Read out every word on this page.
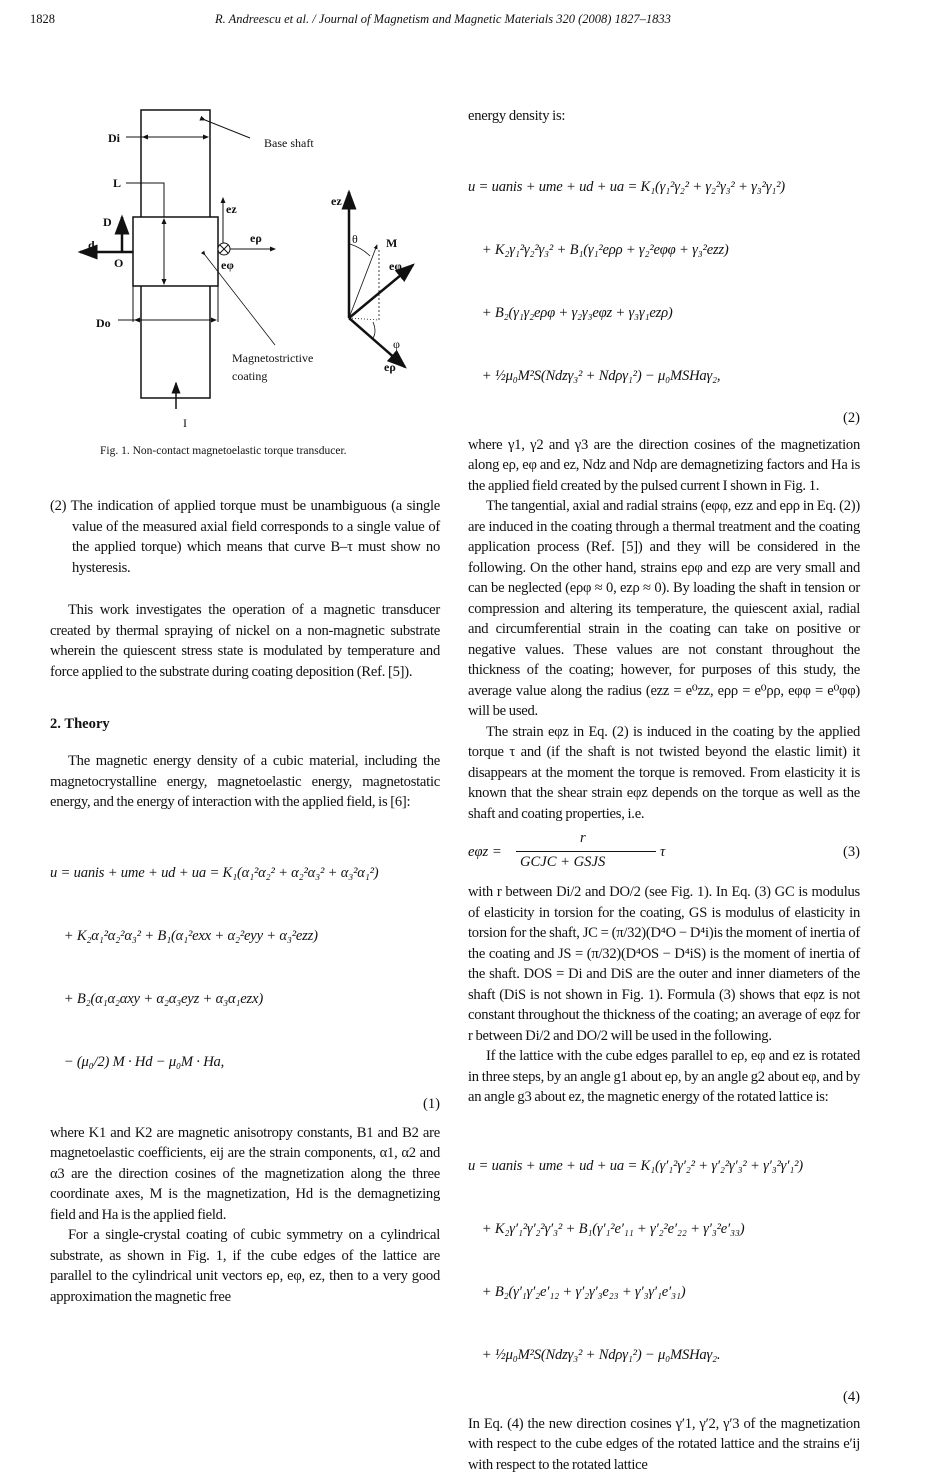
1828	R. Andreescu et al. / Journal of Magnetism and Magnetic Materials 320 (2008) 1827–1833
Di
L
D
d
O
Do
Base shaft
Magnetostrictive
coating
I
ez
eρ
eφ
ez
θ M
eφ
φ
eρ
Fig. 1. Non-contact magnetoelastic torque transducer.
(2) The indication of applied torque must be unambiguous (a single value of the measured axial field corresponds to a single value of the applied torque) which means that curve B–τ must show no hysteresis.
This work investigates the operation of a magnetic transducer created by thermal spraying of nickel on a non-magnetic substrate wherein the quiescent stress state is modulated by temperature and force applied to the substrate during coating deposition (Ref. [5]).
2. Theory
The magnetic energy density of a cubic material, including the magnetocrystalline energy, magnetoelastic energy, magnetostatic energy, and the energy of interaction with the applied field, is [6]:

u = uanis + ume + ud + ua = K₁(α₁²α₂² + α₂²α₃² + α₃²α₁²)

+ K₂α₁²α₂²α₃² + B₁(α₁²exx + α₂²eyy + α₃²ezz)

+ B₂(α₁α₂αxy + α₂α₃eyz + α₃α₁ezx)

− (μ₀/2) M · Hd − μ₀M · Ha,

(1)
where K1 and K2 are magnetic anisotropy constants, B1 and B2 are magnetoelastic coefficients, eij are the strain components, α1, α2 and α3 are the direction cosines of the magnetization along the three coordinate axes, M is the magnetization, Hd is the demagnetizing field and Ha is the applied field.
For a single-crystal coating of cubic symmetry on a cylindrical substrate, as shown in Fig. 1, if the cube edges of the lattice are parallel to the cylindrical unit vectors eρ, eφ, ez, then to a very good approximation the magnetic free
energy density is:

u = uanis + ume + ud + ua = K₁(γ₁²γ₂² + γ₂²γ₃² + γ₃²γ₁²)

+ K₂γ₁²γ₂²γ₃² + B₁(γ₁²eρρ + γ₂²eφφ + γ₃²ezz)

+ B₂(γ₁γ₂eρφ + γ₂γ₃eφz + γ₃γ₁ezρ)

+ ½μ₀M²S(Ndzγ₃² + Ndργ₁²) − μ₀MSHaγ₂,

(2)
where γ1, γ2 and γ3 are the direction cosines of the magnetization along eρ, eφ and ez, Ndz and Ndρ are demagnetizing factors and Ha is the applied field created by the pulsed current I shown in Fig. 1.
The tangential, axial and radial strains (eφφ, ezz and eρρ in Eq. (2)) are induced in the coating through a thermal treatment and the coating application process (Ref. [5]) and they will be considered in the following. On the other hand, strains eρφ and ezρ are very small and can be neglected (eρφ ≈ 0, ezρ ≈ 0). By loading the shaft in tension or compression and altering its temperature, the quiescent axial, radial and circumferential strain in the coating can take on positive or negative values. These values are not constant throughout the thickness of the coating; however, for purposes of this study, the average value along the radius (ezz = e⁰zz, eρρ = e⁰ρρ, eφφ = e⁰φφ) will be used.
The strain eφz in Eq. (2) is induced in the coating by the applied torque τ and (if the shaft is not twisted beyond the elastic limit) it disappears at the moment the torque is removed. From elasticity it is known that the shear strain eφz depends on the torque as well as the shaft and coating properties, i.e.
eφz =
r
GCJC + GSJS
τ	(3)
with r between Di/2 and DO/2 (see Fig. 1). In Eq. (3) GC is modulus of elasticity in torsion for the coating, GS is modulus of elasticity in torsion for the shaft, JC = (π/32)(D⁴O − D⁴i)is the moment of inertia of the coating and JS = (π/32)(D⁴OS − D⁴iS) is the moment of inertia of the shaft. DOS = Di and DiS are the outer and inner diameters of the shaft (DiS is not shown in Fig. 1). Formula (3) shows that eφz is not constant throughout the thickness of the coating; an average of eφz for r between Di/2 and DO/2 will be used in the following.
If the lattice with the cube edges parallel to eρ, eφ and ez is rotated in three steps, by an angle g1 about eρ, by an angle g2 about eφ, and by an angle g3 about ez, the magnetic energy of the rotated lattice is:

u = uanis + ume + ud + ua = K₁(γ′₁²γ′₂² + γ′₂²γ′₃² + γ′₃²γ′₁²)

+ K₂γ′₁²γ′₂²γ′₃² + B₁(γ′₁²e′₁₁ + γ′₂²e′₂₂ + γ′₃²e′₃₃)

+ B₂(γ′₁γ′₂e′₁₂ + γ′₂γ′₃e₂₃ + γ′₃γ′₁e′₃₁)

+ ½μ₀M²S(Ndzγ₃² + Ndργ₁²) − μ₀MSHaγ₂.

(4)
In Eq. (4) the new direction cosines γ′1, γ′2, γ′3 of the magnetization with respect to the cube edges of the rotated lattice and the strains e′ij with respect to the rotated lattice
